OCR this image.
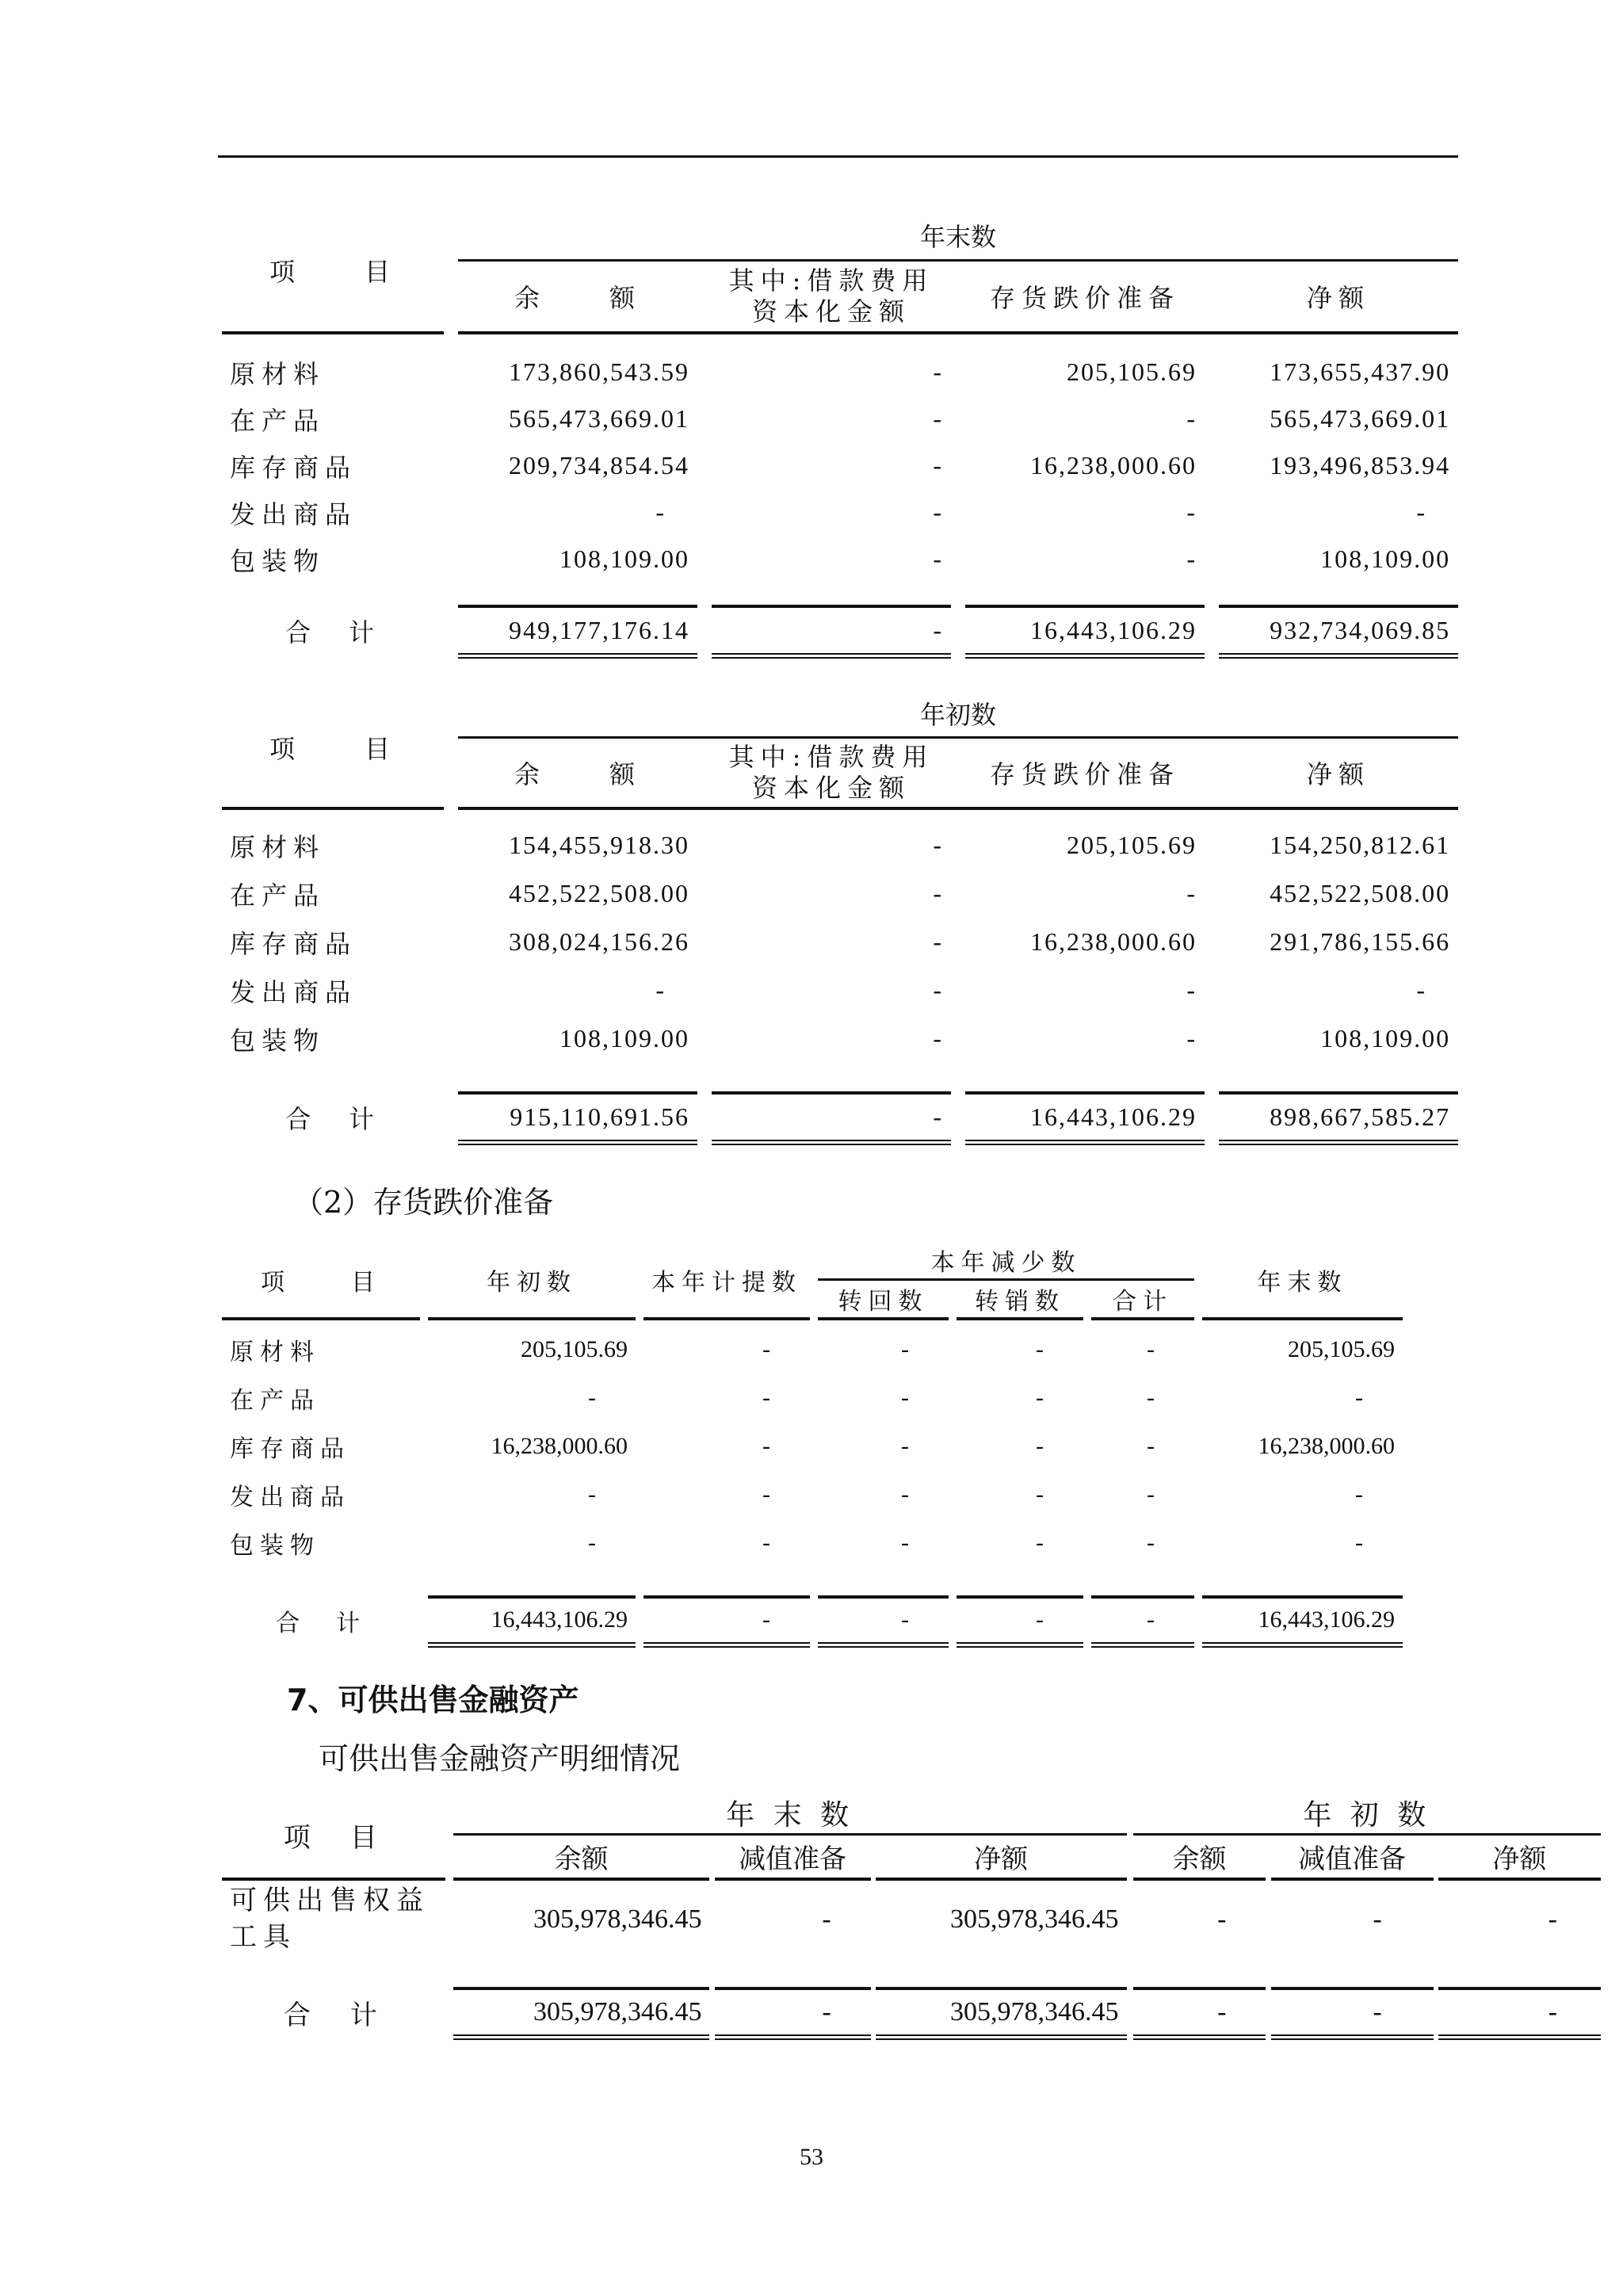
项　　目		年末数						
		余　　额		其中:借款费用
资本化金额		存货跌价准备		净额

原材料		173,860,543.59		-		205,105.69		173,655,437.90
在产品		565,473,669.01		-		-		565,473,669.01
库存商品		209,734,854.54		-		16,238,000.60		193,496,853.94
发出商品		-		-		-		-
包装物		108,109.00		-		-		108,109.00

合　计		949,177,176.14		-		16,443,106.29		932,734,069.85
项　　目		年初数						
		余　　额		其中:借款费用
资本化金额		存货跌价准备		净额

原材料		154,455,918.30		-		205,105.69		154,250,812.61
在产品		452,522,508.00		-		-		452,522,508.00
库存商品		308,024,156.26		-		16,238,000.60		291,786,155.66
发出商品		-		-		-		-
包装物		108,109.00		-		-		108,109.00

合　计		915,110,691.56		-		16,443,106.29		898,667,585.27
（2）存货跌价准备
项　　目		年初数		本年计提数		本年减少数						年末数
						转回数		转销数		合计		

原材料		205,105.69		-		-		-		-		205,105.69
在产品		-		-		-		-		-		-
库存商品		16,238,000.60		-		-		-		-		16,238,000.60
发出商品		-		-		-		-		-		-
包装物		-		-		-		-		-		-

合　计		16,443,106.29		-		-		-		-		16,443,106.29
7、可供出售金融资产
可供出售金融资产明细情况
项　目		年 末 数						年 初 数				
		余额		减值准备		净额		余额		减值准备		净额

可供出售权益
工具		305,978,346.45		-		305,978,346.45		-		-		-

合　计		305,978,346.45		-		305,978,346.45		-		-		-
53
